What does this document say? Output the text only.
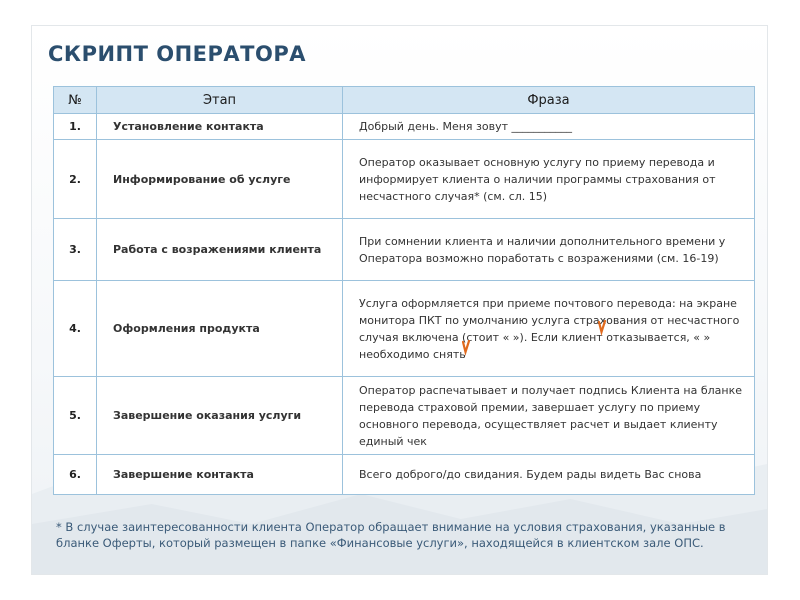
СКРИПТ ОПЕРАТОРА
№	Этап	Фраза
1.	Установление контакта	Добрый день. Меня зовут ___________
2.	Информирование об услуге	Оператор оказывает основную услугу по приему перевода и информирует клиента о наличии программы страхования от несчастного случая* (см. сл. 15)
3.	Работа с возражениями клиента	При сомнении клиента и наличии дополнительного времени у Оператора возможно поработать с возражениями (см. 16-19)
4.	Оформления продукта	Услуга оформляется при приеме почтового перевода: на экране монитора ПКТ по умолчанию услуга страхования от несчастного случая включена (стоит « »). Если клиент отказывается, « » необходимо снять
5.	Завершение оказания услуги	Оператор распечатывает и получает подпись Клиента на бланке перевода страховой премии, завершает услугу по приему основного перевода, осуществляет расчет и выдает клиенту единый чек
6.	Завершение контакта	Всего доброго/до свидания. Будем рады видеть Вас снова

* В случае заинтересованности клиента Оператор обращает внимание на условия страхования, указанные в бланке Оферты, который размещен в папке «Финансовые услуги», находящейся в клиентском зале ОПС.
